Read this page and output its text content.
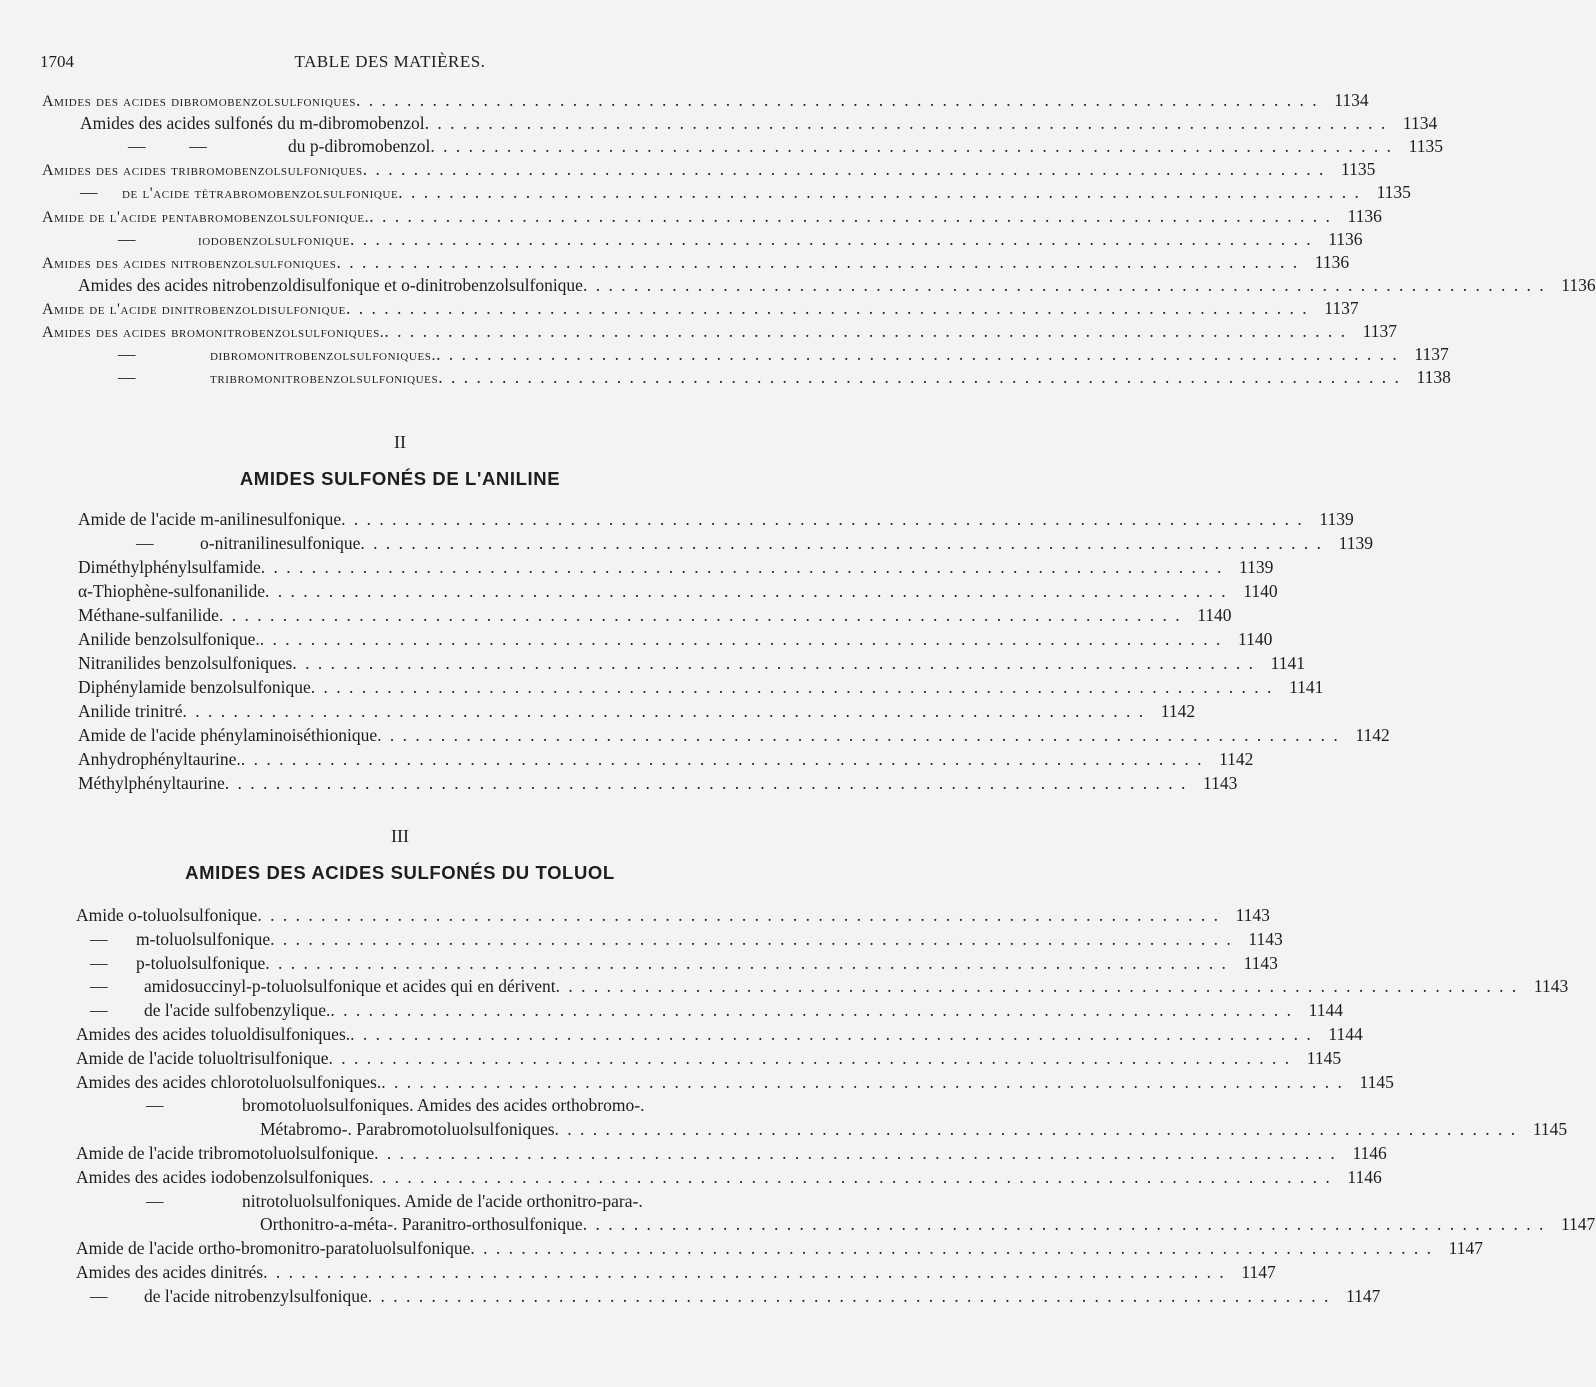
1704	TABLE DES MATIÈRES.
Amides des acides dibromobenzolsulfoniques . . .	1134
Amides des acides sulfonés du m-dibromobenzol . . .	1134
—          —	du p-dibromobenzol . . .	1135
Amides des acides tribromobenzolsulfoniques . . .	1135
— de l'acide tétrabromobenzolsulfonique . . .	1135
Amide de l'acide pentabromobenzolsulfonique. . . .	1136
—	iodobenzolsulfonique . . .	1136
Amides des acides nitrobenzolsulfoniques . . .	1136
Amides des acides nitrobenzoldisulfonique et o-dinitrobenzolsulfonique . . .	1136
Amide de l'acide dinitrobenzoldisulfonique . . .	1137
Amides des acides bromonitrobenzolsulfoniques. . . .	1137
—	dibromonitrobenzolsulfoniques. . . .	1137
—	tribromonitrobenzolsulfoniques . . .	1138
II
AMIDES SULFONÉS DE L'ANILINE
Amide de l'acide m-anilinesulfonique . . .	1139
—	o-nitranilinesulfonique . . .	1139
Diméthylphénylsulfamide . . .	1139
α-Thiophène-sulfonanilide . . .	1140
Méthane-sulfanilide . . .	1140
Anilide benzolsulfonique. . . .	1140
Nitranilides benzolsulfoniques . . .	1141
Diphénylamide benzolsulfonique . . .	1141
Anilide trinitré . . .	1142
Amide de l'acide phénylaminoiséthionique . . .	1142
Anhydrophényltaurine. . . .	1142
Méthylphényltaurine . . .	1143
III
AMIDES DES ACIDES SULFONÉS DU TOLUOL
Amide o-toluolsulfonique . . .	1143
— m-toluolsulfonique . . .	1143
— p-toluolsulfonique . . .	1143
— amidosuccinyl-p-toluolsulfonique et acides qui en dérivent . . .	1143
— de l'acide sulfobenzylique. . . .	1144
Amides des acides toluoldisulfoniques. . . .	1144
Amide de l'acide toluoltrisulfonique . . .	1145
Amides des acides chlorotoluolsulfoniques. . . .	1145
—	bromotoluolsulfoniques. Amides des acides orthobromo-.
Métabromo-. Parabromotoluolsulfoniques . . .	1145
Amide de l'acide tribromotoluolsulfonique . . .	1146
Amides des acides iodobenzolsulfoniques . . .	1146
—	nitrotoluolsulfoniques. Amide de l'acide orthonitro-para-.
Orthonitro-a-méta-. Paranitro-orthosulfonique . . .	1147
Amide de l'acide ortho-bromonitro-paratoluolsulfonique . . .	1147
Amides des acides dinitrés . . .	1147
— de l'acide nitrobenzylsulfonique . . .	1147
